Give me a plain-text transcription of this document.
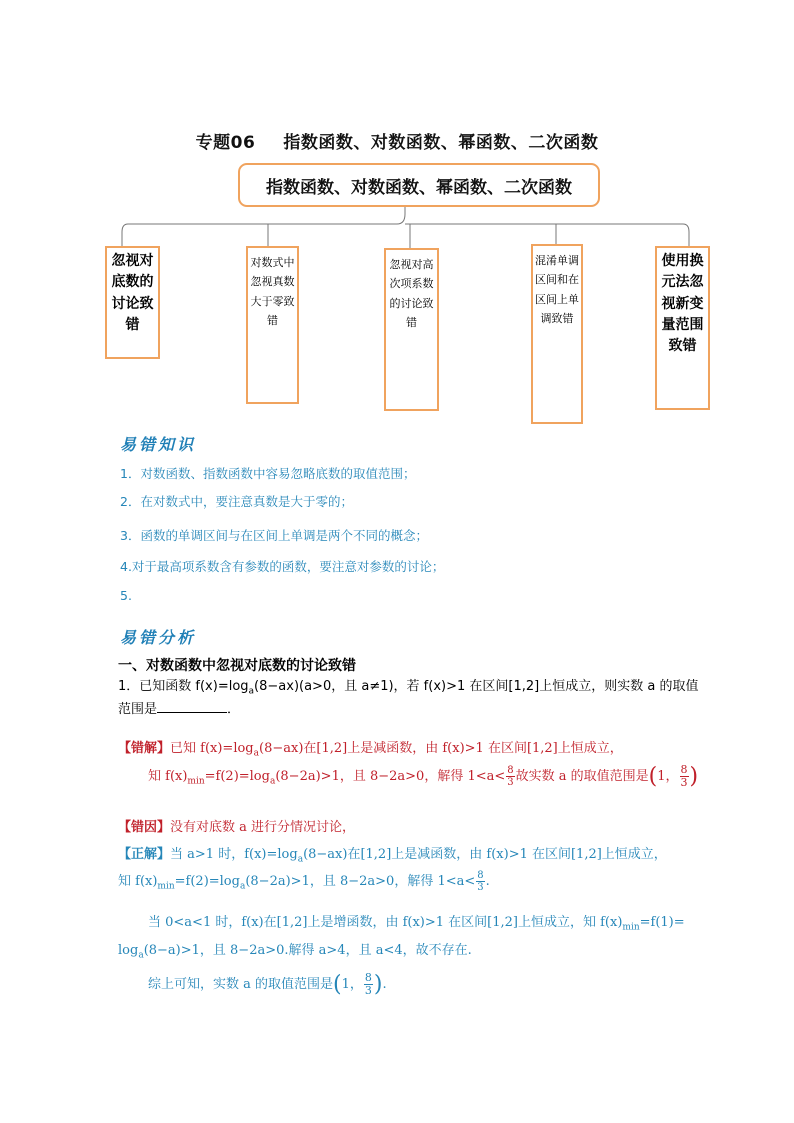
专题06 指数函数、对数函数、幂函数、二次函数
指数函数、对数函数、幂函数、二次函数
忽视对底数的讨论致错
对数式中忽视真数大于零致错
忽视对高次项系数的讨论致错
混淆单调区间和在区间上单调致错
使用换元法忽视新变量范围致错
易错知识
1．对数函数、指数函数中容易忽略底数的取值范围；
2．在对数式中，要注意真数是大于零的；
3．函数的单调区间与在区间上单调是两个不同的概念；
4.对于最高项系数含有参数的函数，要注意对参数的讨论；
5.
易错分析
一、对数函数中忽视对底数的讨论致错
1．已知函数 $f(x)=\log_a(8-ax)(a>0$，且 a≠1)，若 f(x)>1 在区间[1,2]上恒成立，则实数 a 的取值
范围是	．
【错解】已知 $f(x)=\log_a(8-ax)$在[1,2]上是减函数，由 f(x)>1 在区间[1,2]上恒成立，
知 $f(x)_{min}=f(2)=\log_a(8-2a)>1$，且 8−2a>0，解得 $1<a< \frac{8}{3}$ 故实数 a 的取值范围是(1， $\frac{8}{3}$ )
【错因】没有对底数 a 进行分情况讨论，
【正解】当 a>1 时，$f(x)=\log_a(8-ax)$在[1,2]上是减函数，由 f(x)>1 在区间[1,2]上恒成立，
知 $f(x)_{min}=f(2)=\log_a(8-2a)>1$，且 8−2a>0，解得 $1<a< \frac{8}{3}$ .
当 0<a<1 时，f(x)在[1,2]上是增函数，由 f(x)>1 在区间[1,2]上恒成立，知 $f(x)_{min}=f(1)=$
$\log_a(8-a)>1$，且 8−2a>0.解得 a>4，且 a<4，故不存在.
综上可知，实数 a 的取值范围是(1， $\frac{8}{3}$ ).
